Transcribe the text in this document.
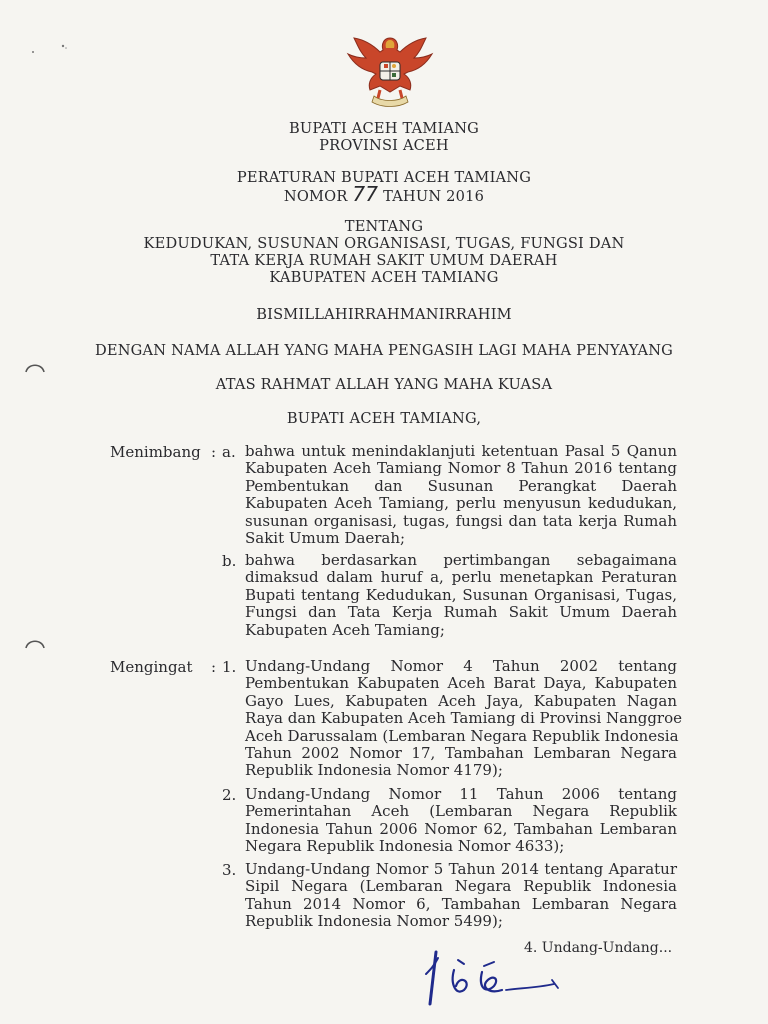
BUPATI ACEH TAMIANG
PROVINSI ACEH
PERATURAN BUPATI ACEH TAMIANG
NOMOR 77 TAHUN 2016
TENTANG
KEDUDUKAN, SUSUNAN ORGANISASI, TUGAS, FUNGSI DAN
TATA KERJA RUMAH SAKIT UMUM DAERAH
KABUPATEN ACEH TAMIANG
BISMILLAHIRRAHMANIRRAHIM
DENGAN NAMA ALLAH YANG MAHA PENGASIH LAGI MAHA PENYAYANG
ATAS RAHMAT ALLAH YANG MAHA KUASA
BUPATI ACEH TAMIANG,
Menimbang : a. bahwa untuk menindaklanjuti ketentuan Pasal 5 Qanun
Kabupaten Aceh Tamiang Nomor 8 Tahun 2016 tentang
Pembentukan dan Susunan Perangkat Daerah
Kabupaten Aceh Tamiang, perlu menyusun kedudukan,
susunan organisasi, tugas, fungsi dan tata kerja Rumah
Sakit Umum Daerah;
b. bahwa berdasarkan pertimbangan sebagaimana
dimaksud dalam huruf a, perlu menetapkan Peraturan
Bupati tentang Kedudukan, Susunan Organisasi, Tugas,
Fungsi dan Tata Kerja Rumah Sakit Umum Daerah
Kabupaten Aceh Tamiang;
Mengingat : 1. Undang-Undang Nomor 4 Tahun 2002 tentang
Pembentukan Kabupaten Aceh Barat Daya, Kabupaten
Gayo Lues, Kabupaten Aceh Jaya, Kabupaten Nagan
Raya dan Kabupaten Aceh Tamiang di Provinsi Nanggroe
Aceh Darussalam (Lembaran Negara Republik Indonesia
Tahun 2002 Nomor 17, Tambahan Lembaran Negara
Republik Indonesia Nomor 4179);
2. Undang-Undang Nomor 11 Tahun 2006 tentang
Pemerintahan Aceh (Lembaran Negara Republik
Indonesia Tahun 2006 Nomor 62, Tambahan Lembaran
Negara Republik Indonesia Nomor 4633);
3. Undang-Undang Nomor 5 Tahun 2014 tentang Aparatur
Sipil Negara (Lembaran Negara Republik Indonesia
Tahun 2014 Nomor 6, Tambahan Lembaran Negara
Republik Indonesia Nomor 5499);
4. Undang-Undang...
